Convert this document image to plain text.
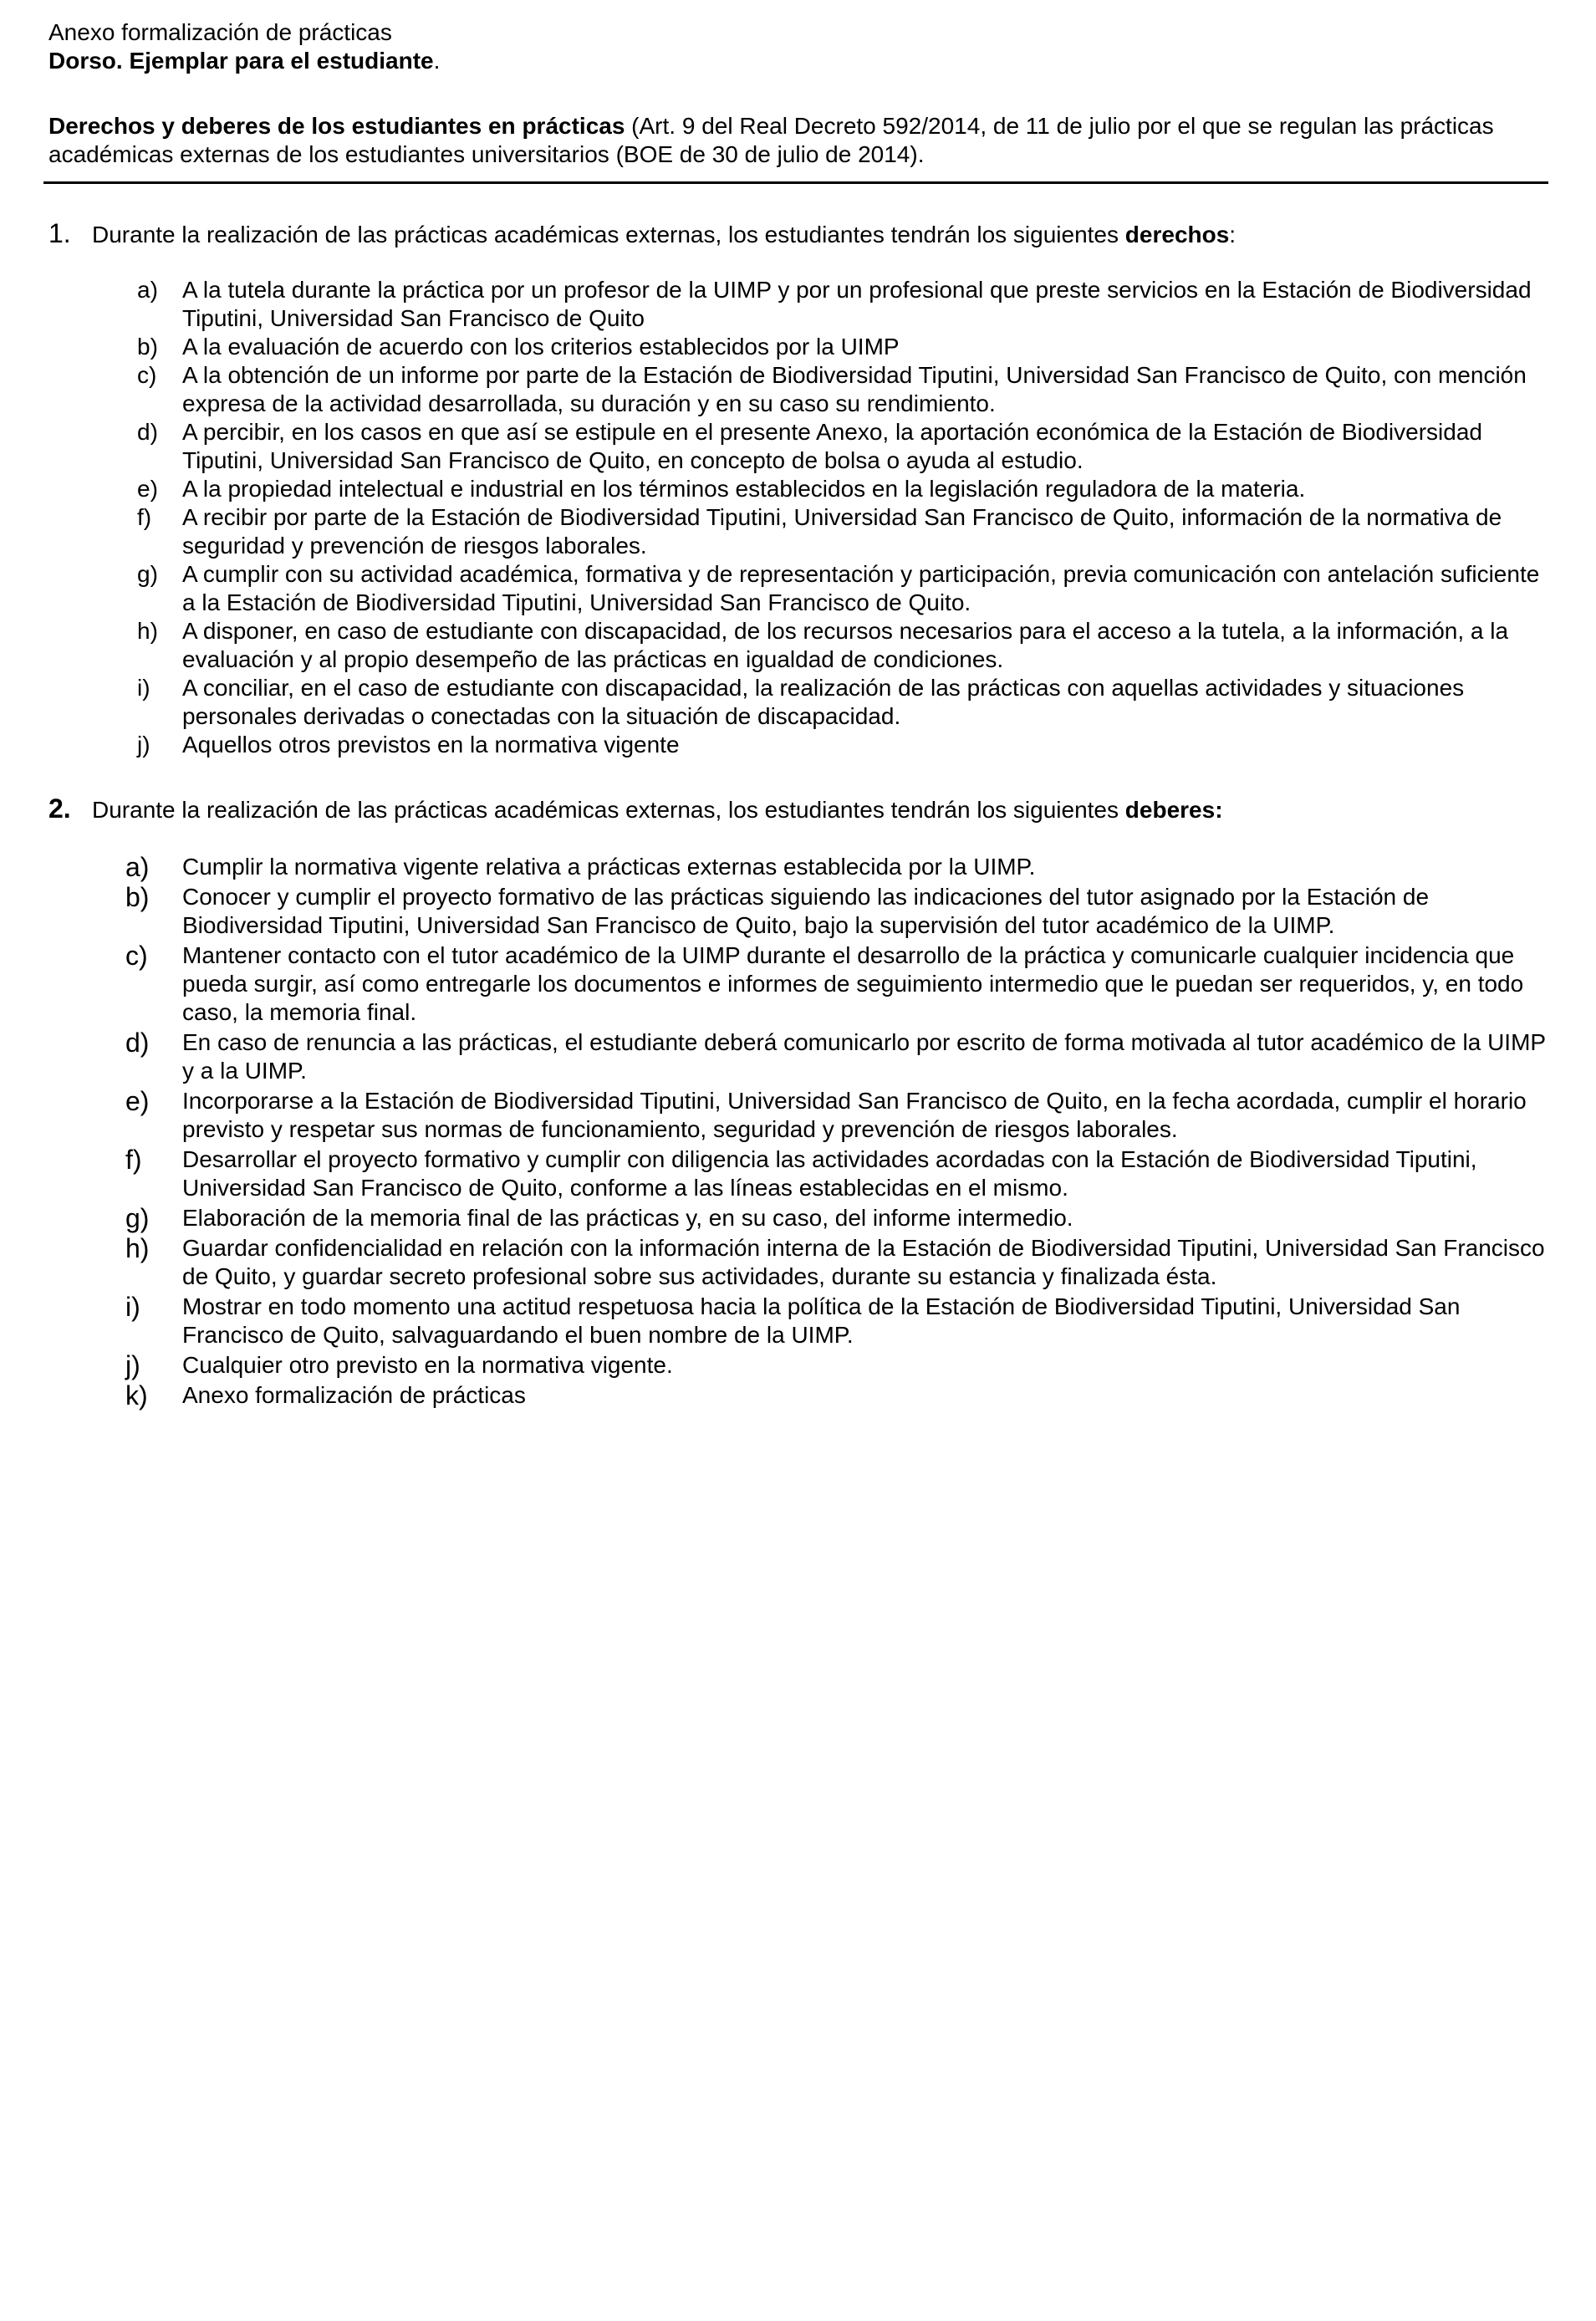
Anexo formalización de prácticas
Dorso. Ejemplar para el estudiante.
Derechos y deberes de los estudiantes en prácticas (Art. 9 del Real Decreto 592/2014, de 11 de julio por el que se regulan las prácticas académicas externas de los estudiantes universitarios (BOE de 30 de julio de 2014).
1. Durante la realización de las prácticas académicas externas, los estudiantes tendrán los siguientes derechos:
a) A la tutela durante la práctica por un profesor de la UIMP y por un profesional que preste servicios en la Estación de Biodiversidad Tiputini, Universidad San Francisco de Quito
b) A la evaluación de acuerdo con los criterios establecidos por la UIMP
c) A la obtención de un informe por parte de la Estación de Biodiversidad Tiputini, Universidad San Francisco de Quito, con mención expresa de la actividad desarrollada, su duración y en su caso su rendimiento.
d) A percibir, en los casos en que así se estipule en el presente Anexo, la aportación económica de la Estación de Biodiversidad Tiputini, Universidad San Francisco de Quito, en concepto de bolsa o ayuda al estudio.
e) A la propiedad intelectual e industrial en los términos establecidos en la legislación reguladora de la materia.
f) A recibir por parte de la Estación de Biodiversidad Tiputini, Universidad San Francisco de Quito, información de la normativa de seguridad y prevención de riesgos laborales.
g) A cumplir con su actividad académica, formativa y de representación y participación, previa comunicación con antelación suficiente a la Estación de Biodiversidad Tiputini, Universidad San Francisco de Quito.
h) A disponer, en caso de estudiante con discapacidad, de los recursos necesarios para el acceso a la tutela, a la información, a la evaluación y al propio desempeño de las prácticas en igualdad de condiciones.
i) A conciliar, en el caso de estudiante con discapacidad, la realización de las prácticas con aquellas actividades y situaciones personales derivadas o conectadas con la situación de discapacidad.
j) Aquellos otros previstos en la normativa vigente
2. Durante la realización de las prácticas académicas externas, los estudiantes tendrán los siguientes deberes:
a) Cumplir la normativa vigente relativa a prácticas externas establecida por la UIMP.
b) Conocer y cumplir el proyecto formativo de las prácticas siguiendo las indicaciones del tutor asignado por la Estación de Biodiversidad Tiputini, Universidad San Francisco de Quito, bajo la supervisión del tutor académico de la UIMP.
c) Mantener contacto con el tutor académico de la UIMP durante el desarrollo de la práctica y comunicarle cualquier incidencia que pueda surgir, así como entregarle los documentos e informes de seguimiento intermedio que le puedan ser requeridos, y, en todo caso, la memoria final.
d) En caso de renuncia a las prácticas, el estudiante deberá comunicarlo por escrito de forma motivada al tutor académico de la UIMP y a la UIMP.
e) Incorporarse a la Estación de Biodiversidad Tiputini, Universidad San Francisco de Quito, en la fecha acordada, cumplir el horario previsto y respetar sus normas de funcionamiento, seguridad y prevención de riesgos laborales.
f) Desarrollar el proyecto formativo y cumplir con diligencia las actividades acordadas con la Estación de Biodiversidad Tiputini, Universidad San Francisco de Quito, conforme a las líneas establecidas en el mismo.
g) Elaboración de la memoria final de las prácticas y, en su caso, del informe intermedio.
h) Guardar confidencialidad en relación con la información interna de la Estación de Biodiversidad Tiputini, Universidad San Francisco de Quito, y guardar secreto profesional sobre sus actividades, durante su estancia y finalizada ésta.
i) Mostrar en todo momento una actitud respetuosa hacia la política de la Estación de Biodiversidad Tiputini, Universidad San Francisco de Quito, salvaguardando el buen nombre de la UIMP.
j) Cualquier otro previsto en la normativa vigente.
k) Anexo formalización de prácticas
